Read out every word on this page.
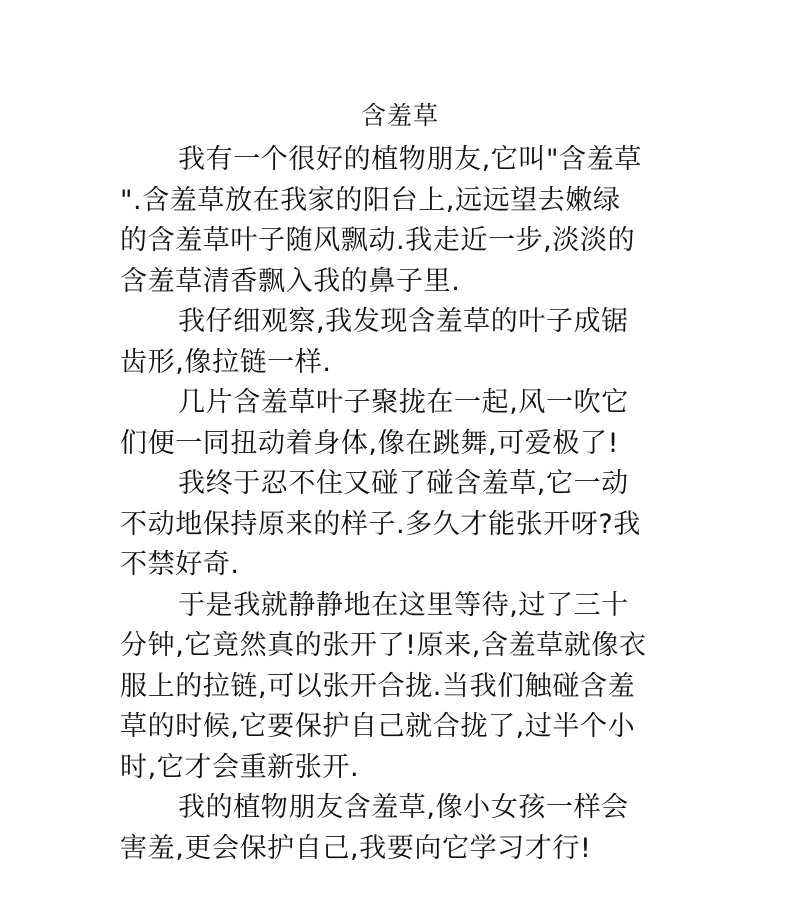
含羞草

我有一个很好的植物朋友,它叫"含羞草
".含羞草放在我家的阳台上,远远望去嫩绿
的含羞草叶子随风飘动.我走近一步,淡淡的
含羞草清香飘入我的鼻子里.

我仔细观察,我发现含羞草的叶子成锯
齿形,像拉链一样.

几片含羞草叶子聚拢在一起,风一吹它
们便一同扭动着身体,像在跳舞,可爱极了!

我终于忍不住又碰了碰含羞草,它一动
不动地保持原来的样子.多久才能张开呀?我
不禁好奇.

于是我就静静地在这里等待,过了三十
分钟,它竟然真的张开了!原来,含羞草就像衣
服上的拉链,可以张开合拢.当我们触碰含羞
草的时候,它要保护自己就合拢了,过半个小
时,它才会重新张开.

我的植物朋友含羞草,像小女孩一样会
害羞,更会保护自己,我要向它学习才行!
